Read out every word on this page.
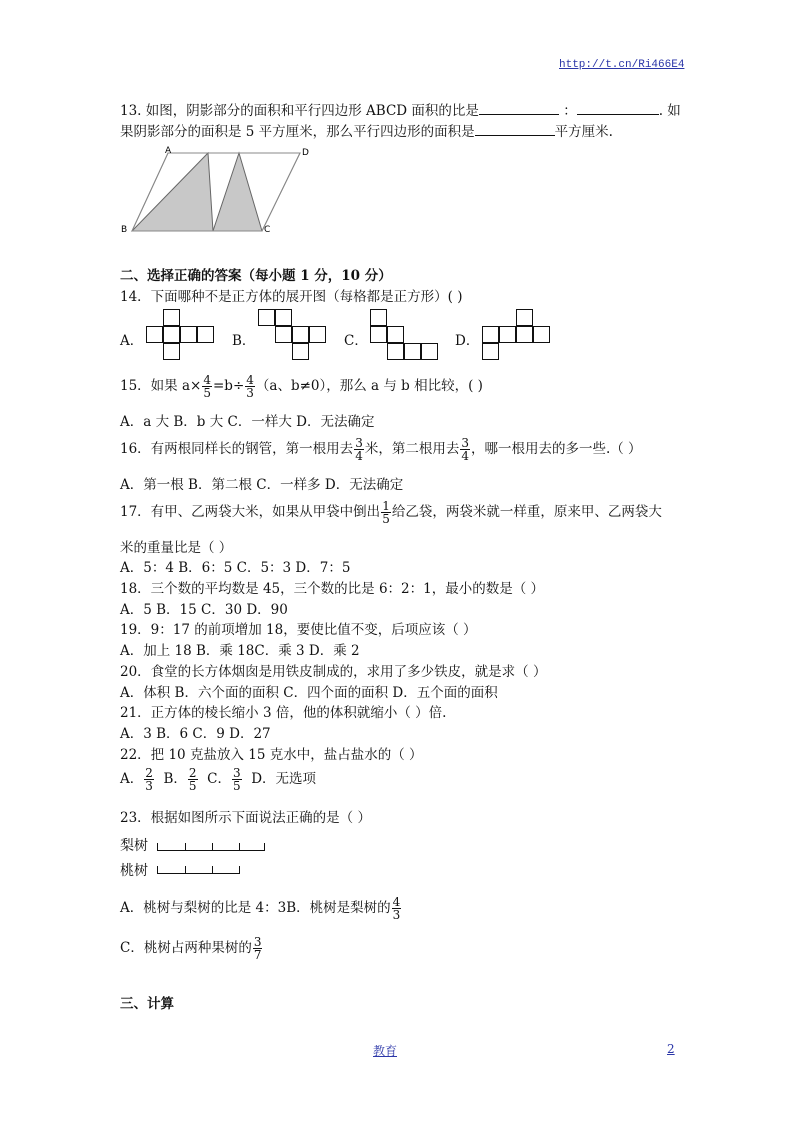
http://t.cn/Ri466E4
13. 如图，阴影部分的面积和平行四边形 ABCD 面积的比是	：	. 如
果阴影部分的面积是 5 平方厘米，那么平行四边形的面积是	平方厘米.
A	D
B	C
二、选择正确的答案（每小题 1 分，10 分）
14．下面哪种不是正方体的展开图（每格都是正方形）( )
A．	B．	C．	D．
15．如果 $a\times \frac{4}{5} =b\div \frac{4}{3} (a$、b≠0），那么 a 与 b 相比较，( )
A．a 大 B．b 大 C．一样大 D．无法确定
16．有两根同样长的钢管，第一根用去 $\frac{3}{4}$ 米，第二根用去 $\frac{3}{4}$ ，哪一根用去的多一些.（ ）
A．第一根 B．第二根 C．一样多 D．无法确定
17．有甲、乙两袋大米，如果从甲袋中倒出 $\frac{1}{5}$ 给乙袋，两袋米就一样重，原来甲、乙两袋大
米的重量比是（ ）
A．5：4 B．6：5 C．5：3 D．7：5
18．三个数的平均数是 45，三个数的比是 6：2：1，最小的数是（ ）
A．5 B．15 C．30 D．90
19．9：17 的前项增加 18，要使比值不变，后项应该（ ）
A．加上 18 B．乘 18C．乘 3 D．乘 2
20．食堂的长方体烟囱是用铁皮制成的，求用了多少铁皮，就是求（ ）
A．体积 B．六个面的面积 C．四个面的面积 D．五个面的面积
21．正方体的棱长缩小 3 倍，他的体积就缩小（ ）倍.
A．3 B．6 C．9 D．27
22．把 10 克盐放入 15 克水中，盐占盐水的（ ）
A． $\frac{2}{3}$ B． $\frac{2}{5}$ C． $\frac{3}{5}$ D．无选项
23．根据如图所示下面说法正确的是（ ）
梨树
桃树
A．桃树与梨树的比是 4：3B．桃树是梨树的 $\frac{4}{3}$
C．桃树占两种果树的 $\frac{3}{7}$
三、计算
教育	2
